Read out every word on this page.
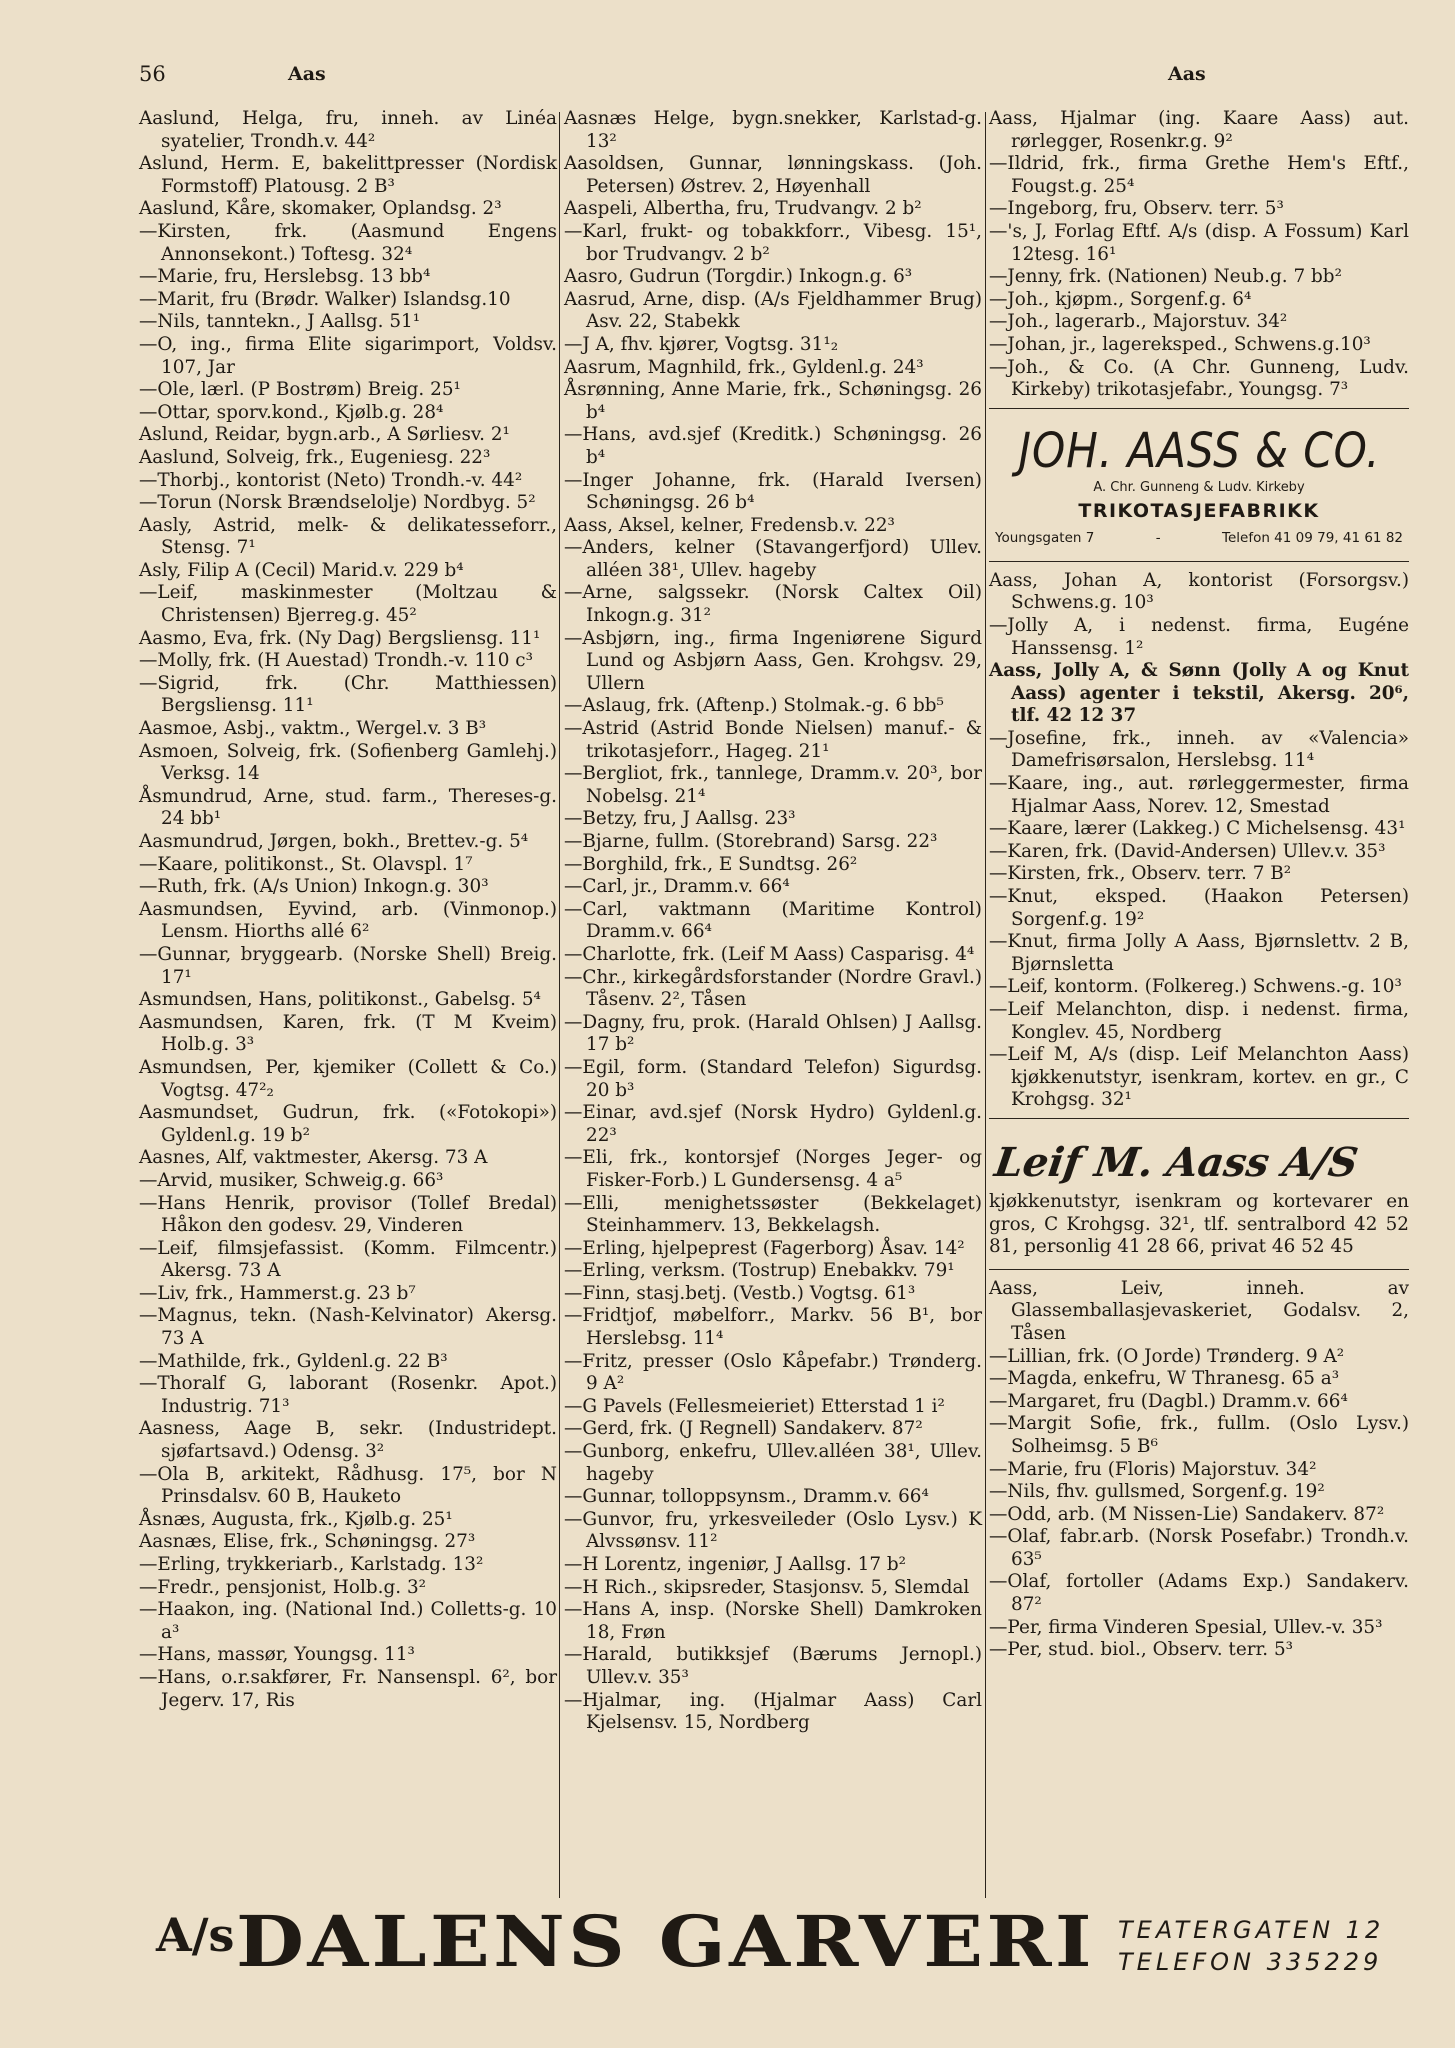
56	Aas	Aas
Aaslund, Helga, fru, inneh. av Linéa syatelier, Trondh.v. 44²
Aslund, Herm. E, bakelittpresser (Nordisk Formstoff) Platousg. 2 B³
Aaslund, Kåre, skomaker, Oplandsg. 2³
—Kirsten, frk. (Aasmund Engens Annonsekont.) Toftesg. 32⁴
—Marie, fru, Herslebsg. 13 bb⁴
—Marit, fru (Brødr. Walker) Islandsg.10
—Nils, tanntekn., J Aallsg. 51¹
—O, ing., firma Elite sigarimport, Voldsv. 107, Jar
—Ole, lærl. (P Bostrøm) Breig. 25¹
—Ottar, sporv.kond., Kjølb.g. 28⁴
Aslund, Reidar, bygn.arb., A Sørliesv. 2¹
Aaslund, Solveig, frk., Eugeniesg. 22³
—Thorbj., kontorist (Neto) Trondh.-v. 44²
—Torun (Norsk Brændselolje) Nordbyg. 5²
Aasly, Astrid, melk- & delikatesseforr., Stensg. 7¹
Asly, Filip A (Cecil) Marid.v. 229 b⁴
—Leif, maskinmester (Moltzau & Christensen) Bjerreg.g. 45²
Aasmo, Eva, frk. (Ny Dag) Bergsliensg. 11¹
—Molly, frk. (H Auestad) Trondh.-v. 110 c³
—Sigrid, frk. (Chr. Matthiessen) Bergsliensg. 11¹
Aasmoe, Asbj., vaktm., Wergel.v. 3 B³
Asmoen, Solveig, frk. (Sofienberg Gamlehj.) Verksg. 14
Åsmundrud, Arne, stud. farm., Thereses-g. 24 bb¹
Aasmundrud, Jørgen, bokh., Brettev.-g. 5⁴
—Kaare, politikonst., St. Olavspl. 1⁷
—Ruth, frk. (A/s Union) Inkogn.g. 30³
Aasmundsen, Eyvind, arb. (Vinmonop.) Lensm. Hiorths allé 6²
—Gunnar, bryggearb. (Norske Shell) Breig. 17¹
Asmundsen, Hans, politikonst., Gabelsg. 5⁴
Aasmundsen, Karen, frk. (T M Kveim) Holb.g. 3³
Asmundsen, Per, kjemiker (Collett & Co.) Vogtsg. 47²₂
Aasmundset, Gudrun, frk. («Fotokopi») Gyldenl.g. 19 b²
Aasnes, Alf, vaktmester, Akersg. 73 A
—Arvid, musiker, Schweig.g. 66³
—Hans Henrik, provisor (Tollef Bredal) Håkon den godesv. 29, Vinderen
—Leif, filmsjefassist. (Komm. Filmcentr.) Akersg. 73 A
—Liv, frk., Hammerst.g. 23 b⁷
—Magnus, tekn. (Nash-Kelvinator) Akersg. 73 A
—Mathilde, frk., Gyldenl.g. 22 B³
—Thoralf G, laborant (Rosenkr. Apot.) Industrig. 71³
Aasness, Aage B, sekr. (Industridept. sjøfartsavd.) Odensg. 3²
—Ola B, arkitekt, Rådhusg. 17⁵, bor N Prinsdalsv. 60 B, Hauketo
Åsnæs, Augusta, frk., Kjølb.g. 25¹
Aasnæs, Elise, frk., Schøningsg. 27³
—Erling, trykkeriarb., Karlstadg. 13²
—Fredr., pensjonist, Holb.g. 3²
—Haakon, ing. (National Ind.) Colletts-g. 10 a³
—Hans, massør, Youngsg. 11³
—Hans, o.r.sakfører, Fr. Nansenspl. 6², bor Jegerv. 17, Ris
Aasnæs Helge, bygn.snekker, Karlstad-g. 13²
Aasoldsen, Gunnar, lønningskass. (Joh. Petersen) Østrev. 2, Høyenhall
Aaspeli, Albertha, fru, Trudvangv. 2 b²
—Karl, frukt- og tobakkforr., Vibesg. 15¹, bor Trudvangv. 2 b²
Aasro, Gudrun (Torgdir.) Inkogn.g. 6³
Aasrud, Arne, disp. (A/s Fjeldhammer Brug) Asv. 22, Stabekk
—J A, fhv. kjører, Vogtsg. 31¹₂
Aasrum, Magnhild, frk., Gyldenl.g. 24³
Åsrønning, Anne Marie, frk., Schøningsg. 26 b⁴
—Hans, avd.sjef (Kreditk.) Schøningsg. 26 b⁴
—Inger Johanne, frk. (Harald Iversen) Schøningsg. 26 b⁴
Aass, Aksel, kelner, Fredensb.v. 22³
—Anders, kelner (Stavangerfjord) Ullev. alléen 38¹, Ullev. hageby
—Arne, salgssekr. (Norsk Caltex Oil) Inkogn.g. 31²
—Asbjørn, ing., firma Ingeniørene Sigurd Lund og Asbjørn Aass, Gen. Krohgsv. 29, Ullern
—Aslaug, frk. (Aftenp.) Stolmak.-g. 6 bb⁵
—Astrid (Astrid Bonde Nielsen) manuf.- & trikotasjeforr., Hageg. 21¹
—Bergliot, frk., tannlege, Dramm.v. 20³, bor Nobelsg. 21⁴
—Betzy, fru, J Aallsg. 23³
—Bjarne, fullm. (Storebrand) Sarsg. 22³
—Borghild, frk., E Sundtsg. 26²
—Carl, jr., Dramm.v. 66⁴
—Carl, vaktmann (Maritime Kontrol) Dramm.v. 66⁴
—Charlotte, frk. (Leif M Aass) Casparisg. 4⁴
—Chr., kirkegårdsforstander (Nordre Gravl.) Tåsenv. 2², Tåsen
—Dagny, fru, prok. (Harald Ohlsen) J Aallsg. 17 b²
—Egil, form. (Standard Telefon) Sigurdsg. 20 b³
—Einar, avd.sjef (Norsk Hydro) Gyldenl.g. 22³
—Eli, frk., kontorsjef (Norges Jeger- og Fisker-Forb.) L Gundersensg. 4 a⁵
—Elli, menighetssøster (Bekkelaget) Steinhammerv. 13, Bekkelagsh.
—Erling, hjelpeprest (Fagerborg) Åsav. 14²
—Erling, verksm. (Tostrup) Enebakkv. 79¹
—Finn, stasj.betj. (Vestb.) Vogtsg. 61³
—Fridtjof, møbelforr., Markv. 56 B¹, bor Herslebsg. 11⁴
—Fritz, presser (Oslo Kåpefabr.) Trønderg. 9 A²
—G Pavels (Fellesmeieriet) Etterstad 1 i²
—Gerd, frk. (J Regnell) Sandakerv. 87²
—Gunborg, enkefru, Ullev.alléen 38¹, Ullev. hageby
—Gunnar, tolloppsynsm., Dramm.v. 66⁴
—Gunvor, fru, yrkesveileder (Oslo Lysv.) K Alvssønsv. 11²
—H Lorentz, ingeniør, J Aallsg. 17 b²
—H Rich., skipsreder, Stasjonsv. 5, Slemdal
—Hans A, insp. (Norske Shell) Damkroken 18, Frøn
—Harald, butikksjef (Bærums Jernopl.) Ullev.v. 35³
—Hjalmar, ing. (Hjalmar Aass) Carl Kjelsensv. 15, Nordberg
Aass, Hjalmar (ing. Kaare Aass) aut. rørlegger, Rosenkr.g. 9²
—Ildrid, frk., firma Grethe Hem's Eftf., Fougst.g. 25⁴
—Ingeborg, fru, Observ. terr. 5³
—'s, J, Forlag Eftf. A/s (disp. A Fossum) Karl 12tesg. 16¹
—Jenny, frk. (Nationen) Neub.g. 7 bb²
—Joh., kjøpm., Sorgenf.g. 6⁴
—Joh., lagerarb., Majorstuv. 34²
—Johan, jr., lagereksped., Schwens.g.10³
—Joh., & Co. (A Chr. Gunneng, Ludv. Kirkeby) trikotasjefabr., Youngsg. 7³
JOH. AASS & CO.
A. Chr. Gunneng & Ludv. Kirkeby
TRIKOTASJEFABRIKK
Youngsgaten 7	-	Telefon 41 09 79, 41 61 82
Aass, Johan A, kontorist (Forsorgsv.) Schwens.g. 10³
—Jolly A, i nedenst. firma, Eugéne Hanssensg. 1²
Aass, Jolly A, & Sønn (Jolly A og Knut Aass) agenter i tekstil, Akersg. 20⁶, tlf. 42 12 37
—Josefine, frk., inneh. av «Valencia» Damefrisørsalon, Herslebsg. 11⁴
—Kaare, ing., aut. rørleggermester, firma Hjalmar Aass, Norev. 12, Smestad
—Kaare, lærer (Lakkeg.) C Michelsensg. 43¹
—Karen, frk. (David-Andersen) Ullev.v. 35³
—Kirsten, frk., Observ. terr. 7 B²
—Knut, eksped. (Haakon Petersen) Sorgenf.g. 19²
—Knut, firma Jolly A Aass, Bjørnslettv. 2 B, Bjørnsletta
—Leif, kontorm. (Folkereg.) Schwens.-g. 10³
—Leif Melanchton, disp. i nedenst. firma, Konglev. 45, Nordberg
—Leif M, A/s (disp. Leif Melanchton Aass) kjøkkenutstyr, isenkram, kortev. en gr., C Krohgsg. 32¹
Leif M. Aass A/S
kjøkkenutstyr, isenkram og kortevarer en gros, C Krohgsg. 32¹, tlf. sentralbord 42 52 81, personlig 41 28 66, privat 46 52 45
Aass, Leiv, inneh. av Glassemballasjevaskeriet, Godalsv. 2, Tåsen
—Lillian, frk. (O Jorde) Trønderg. 9 A²
—Magda, enkefru, W Thranesg. 65 a³
—Margaret, fru (Dagbl.) Dramm.v. 66⁴
—Margit Sofie, frk., fullm. (Oslo Lysv.) Solheimsg. 5 B⁶
—Marie, fru (Floris) Majorstuv. 34²
—Nils, fhv. gullsmed, Sorgenf.g. 19²
—Odd, arb. (M Nissen-Lie) Sandakerv. 87²
—Olaf, fabr.arb. (Norsk Posefabr.) Trondh.v. 63⁵
—Olaf, fortoller (Adams Exp.) Sandakerv. 87²
—Per, firma Vinderen Spesial, Ullev.-v. 35³
—Per, stud. biol., Observ. terr. 5³
A/s DALENS GARVERI TEATERGATEN 12
TELEFON 335229
